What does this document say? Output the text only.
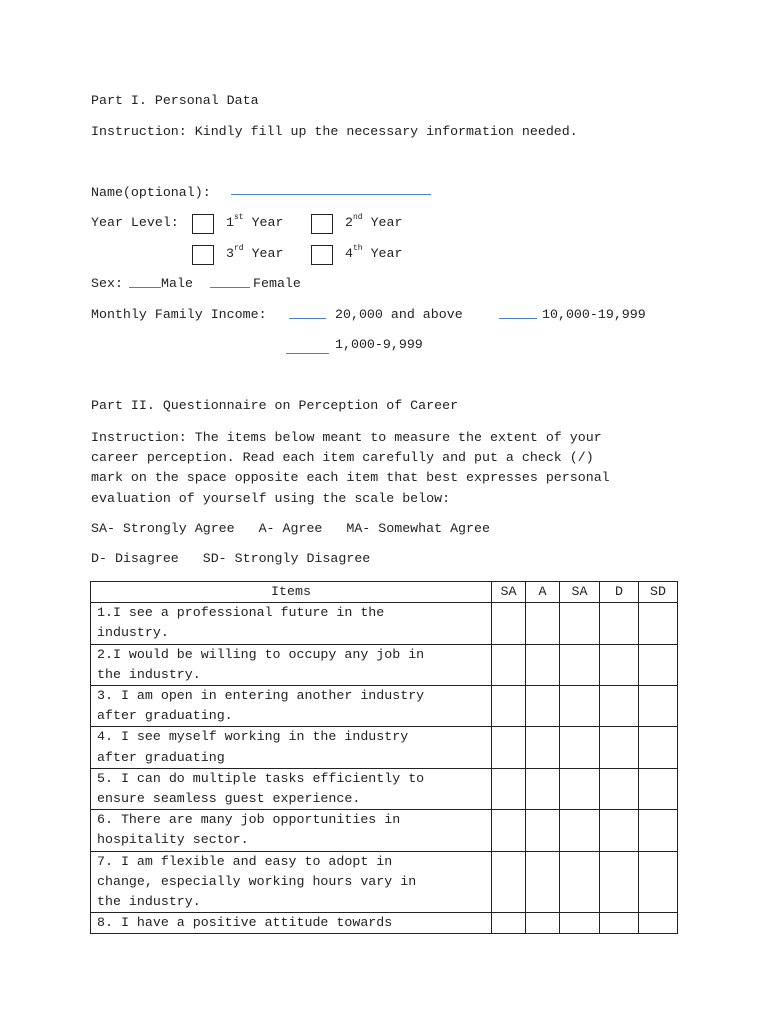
Part I. Personal Data
Instruction: Kindly fill up the necessary information needed.
Name(optional):
Year Level:	1st Year	2nd Year
3rd Year	4th Year
Sex:	Male	Female
Monthly Family Income:	20,000 and above	10,000-19,999
1,000-9,999
Part II. Questionnaire on Perception of Career
Instruction: The items below meant to measure the extent of your
career perception. Read each item carefully and put a check (/)
mark on the space opposite each item that best expresses personal
evaluation of yourself using the scale below:
SA- Strongly Agree   A- Agree   MA- Somewhat Agree
D- Disagree   SD- Strongly Disagree
Items	SA	A	SA	D	SD

1.I see a professional future in the
industry.					

2.I would be willing to occupy any job in
the industry.					

3. I am open in entering another industry
after graduating.					

4. I see myself working in the industry
after graduating					

5. I can do multiple tasks efficiently to
ensure seamless guest experience.					

6. There are many job opportunities in
hospitality sector.					

7. I am flexible and easy to adopt in
change, especially working hours vary in
the industry.					

8. I have a positive attitude towards					
